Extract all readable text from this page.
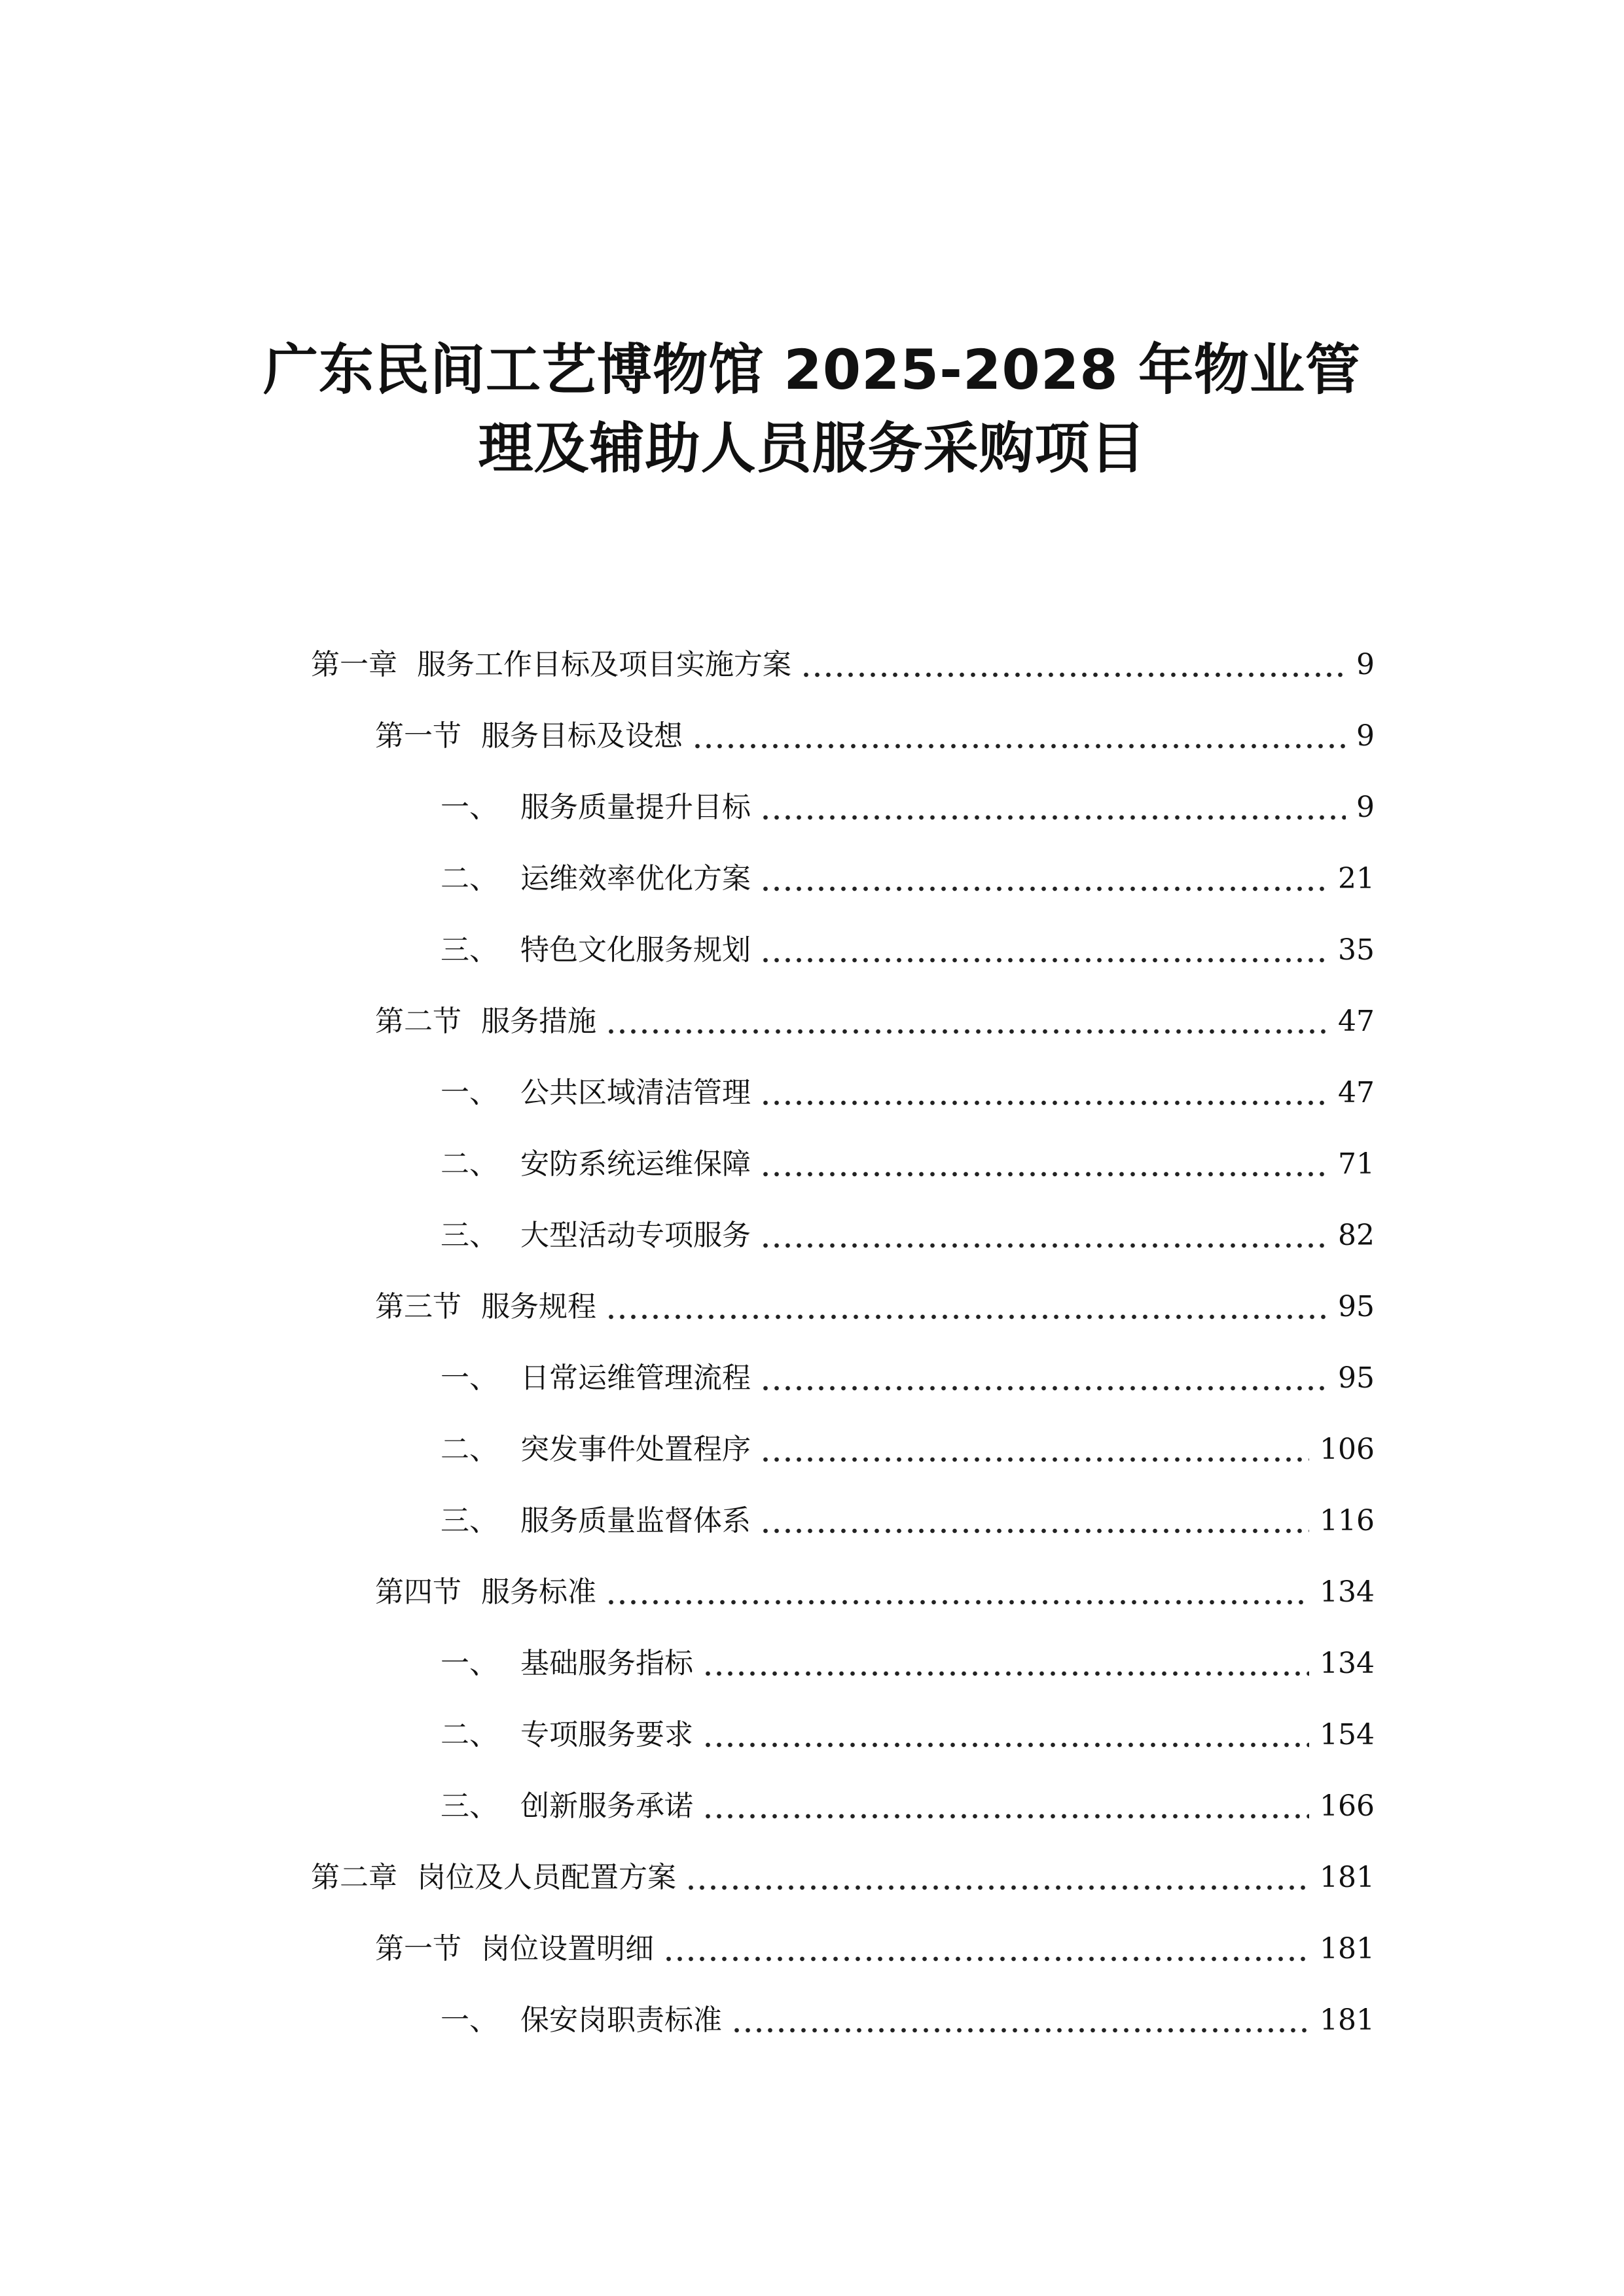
广东民间工艺博物馆 2025-2028 年物业管
理及辅助人员服务采购项目
第一章 服务工作目标及项目实施方案	9
第一节 服务目标及设想	9
一、 服务质量提升目标	9
二、 运维效率优化方案	21
三、 特色文化服务规划	35
第二节 服务措施	47
一、 公共区域清洁管理	47
二、 安防系统运维保障	71
三、 大型活动专项服务	82
第三节 服务规程	95
一、 日常运维管理流程	95
二、 突发事件处置程序	106
三、 服务质量监督体系	116
第四节 服务标准	134
一、 基础服务指标	134
二、 专项服务要求	154
三、 创新服务承诺	166
第二章 岗位及人员配置方案	181
第一节 岗位设置明细	181
一、 保安岗职责标准	181
